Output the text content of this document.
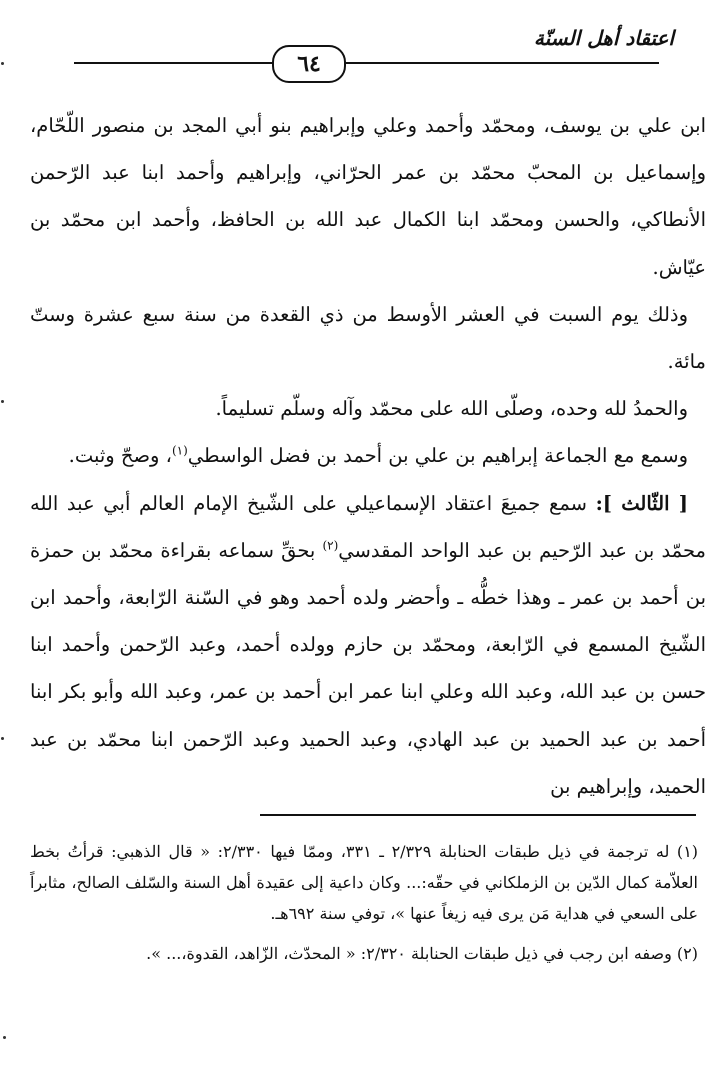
اعتقاد أهل السنّة
٦٤

ابن علي بن يوسف، ومحمّد وأحمد وعلي وإبراهيم بنو أبي المجد بن منصور اللّحّام، وإسماعيل بن المحبّ محمّد بن عمر الحرّاني، وإبراهيم وأحمد ابنا عبد الرّحمن الأنطاكي، والحسن ومحمّد ابنا الكمال عبد الله بن الحافظ، وأحمد ابن محمّد بن عيّاش.

وذلك يوم السبت في العشر الأوسط من ذي القعدة من سنة سبع عشرة وستّ مائة.

والحمدُ لله وحده، وصلّى الله على محمّد وآله وسلّم تسليماً.

وسمع مع الجماعة إبراهيم بن علي بن أحمد بن فضل الواسطي$^{(١)}$، وصحّ وثبت.

[ الثّالث ]: سمع جميعَ اعتقاد الإسماعيلي على الشّيخ الإمام العالم أبي عبد الله محمّد بن عبد الرّحيم بن عبد الواحد المقدسي$^{(٢)}$ بحقِّ سماعه بقراءة محمّد بن حمزة بن أحمد بن عمر ـ وهذا خطُّه ـ وأحضر ولده أحمد وهو في السّنة الرّابعة، وأحمد ابن الشّيخ المسمع في الرّابعة، ومحمّد بن حازم وولده أحمد، وعبد الرّحمن وأحمد ابنا حسن بن عبد الله، وعبد الله وعلي ابنا عمر ابن أحمد بن عمر، وعبد الله وأبو بكر ابنا أحمد بن عبد الحميد بن عبد الهادي، وعبد الحميد وعبد الرّحمن ابنا محمّد بن عبد الحميد، وإبراهيم بن

(١) له ترجمة في ذيل طبقات الحنابلة ٢/٣٢٩ ـ ٣٣١، وممّا فيها ٢/٣٣٠: « قال الذهبي: قرأتُ بخط العلاّمة كمال الدّين بن الزملكاني في حقّه:... وكان داعية إلى عقيدة أهل السنة والسّلف الصالح، مثابراً على السعي في هداية مَن يرى فيه زيغاً عنها »، توفي سنة ٦٩٢هـ.

(٢) وصفه ابن رجب في ذيل طبقات الحنابلة ٢/٣٢٠: « المحدّث، الزّاهد، القدوة،... ».
